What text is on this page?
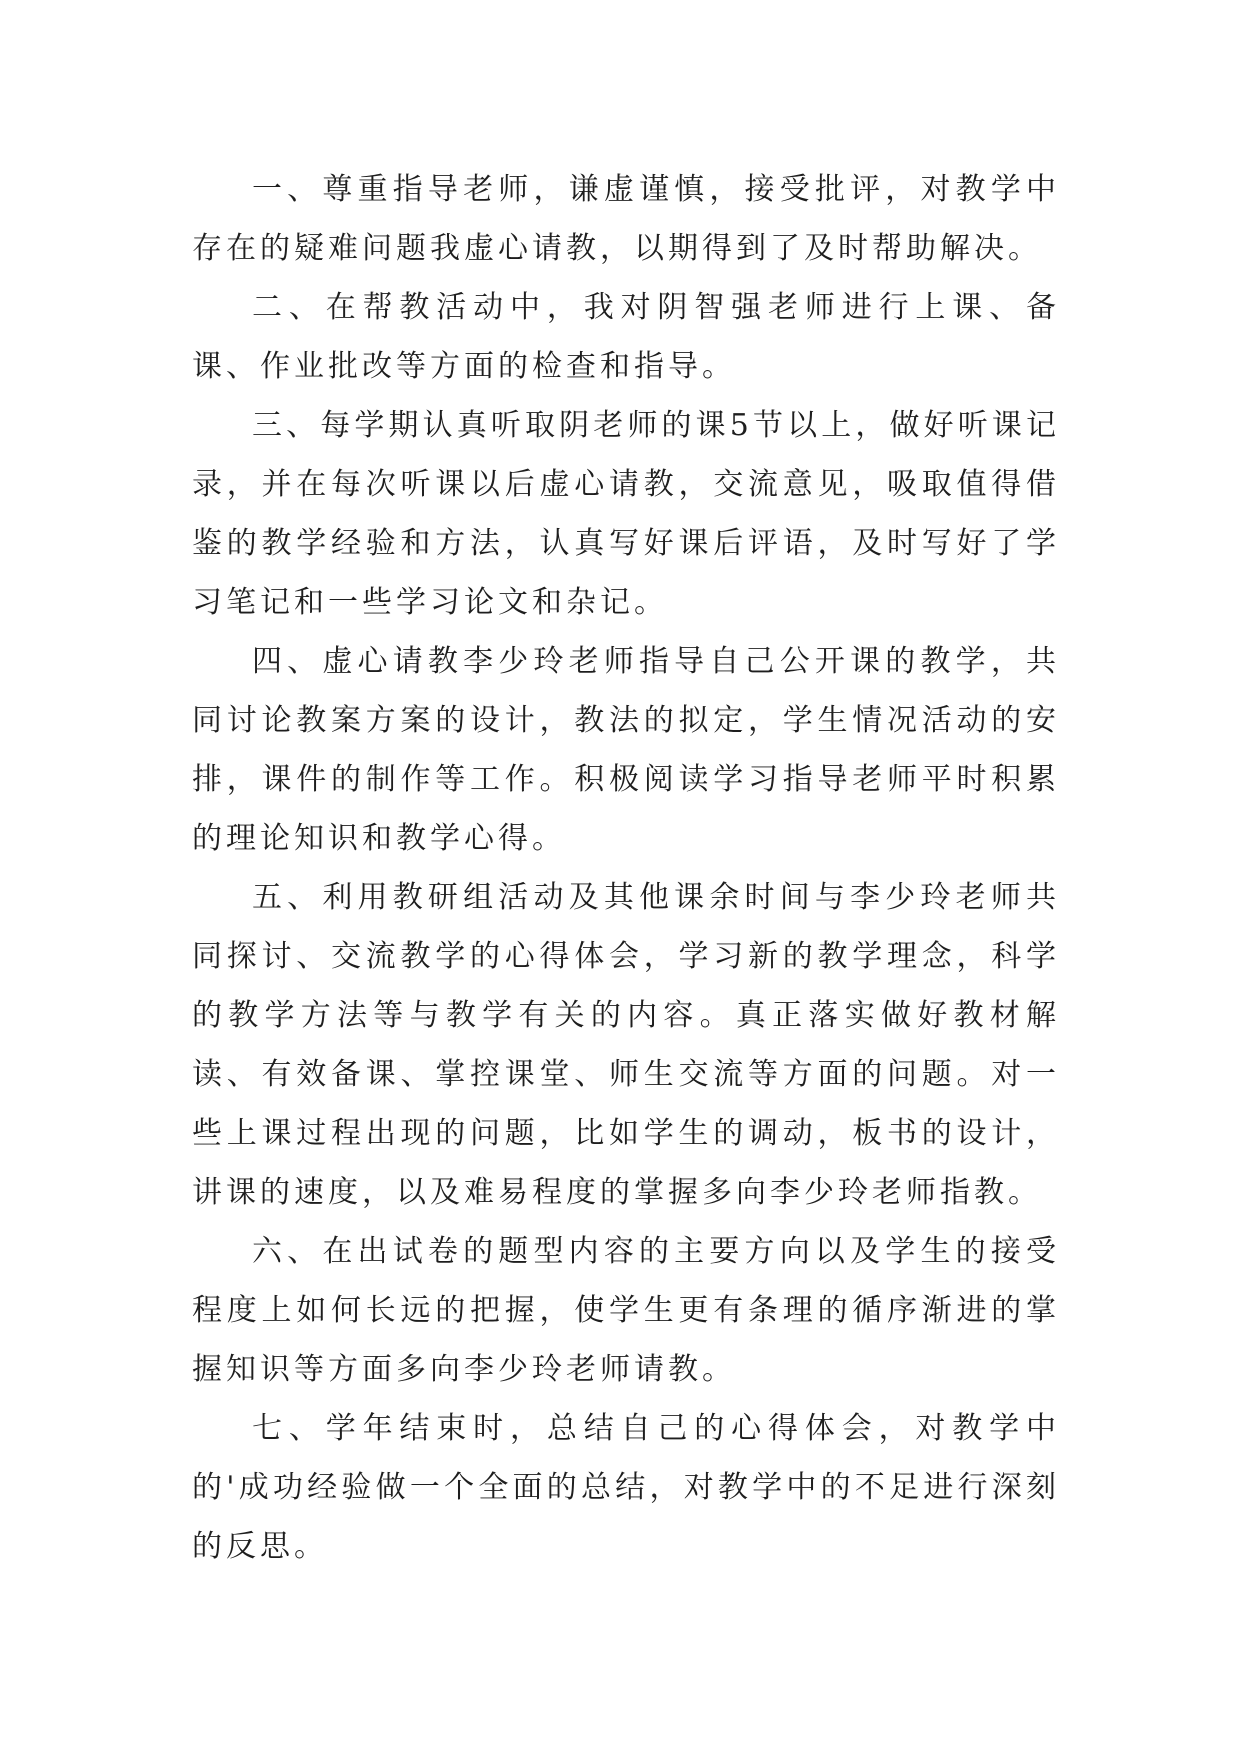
一、尊重指导老师，谦虚谨慎，接受批评，对教学中存在的疑难问题我虚心请教，以期得到了及时帮助解决。

二、在帮教活动中，我对阴智强老师进行上课、备课、作业批改等方面的检查和指导。

三、每学期认真听取阴老师的课5节以上，做好听课记录，并在每次听课以后虚心请教，交流意见，吸取值得借鉴的教学经验和方法，认真写好课后评语，及时写好了学习笔记和一些学习论文和杂记。

四、虚心请教李少玲老师指导自己公开课的教学，共同讨论教案方案的设计，教法的拟定，学生情况活动的安排，课件的制作等工作。积极阅读学习指导老师平时积累的理论知识和教学心得。

五、利用教研组活动及其他课余时间与李少玲老师共同探讨、交流教学的心得体会，学习新的教学理念，科学的教学方法等与教学有关的内容。真正落实做好教材解读、有效备课、掌控课堂、师生交流等方面的问题。对一些上课过程出现的问题，比如学生的调动，板书的设计，讲课的速度，以及难易程度的掌握多向李少玲老师指教。

六、在出试卷的题型内容的主要方向以及学生的接受程度上如何长远的把握，使学生更有条理的循序渐进的掌握知识等方面多向李少玲老师请教。

七、学年结束时，总结自己的心得体会，对教学中的'成功经验做一个全面的总结，对教学中的不足进行深刻的反思。
